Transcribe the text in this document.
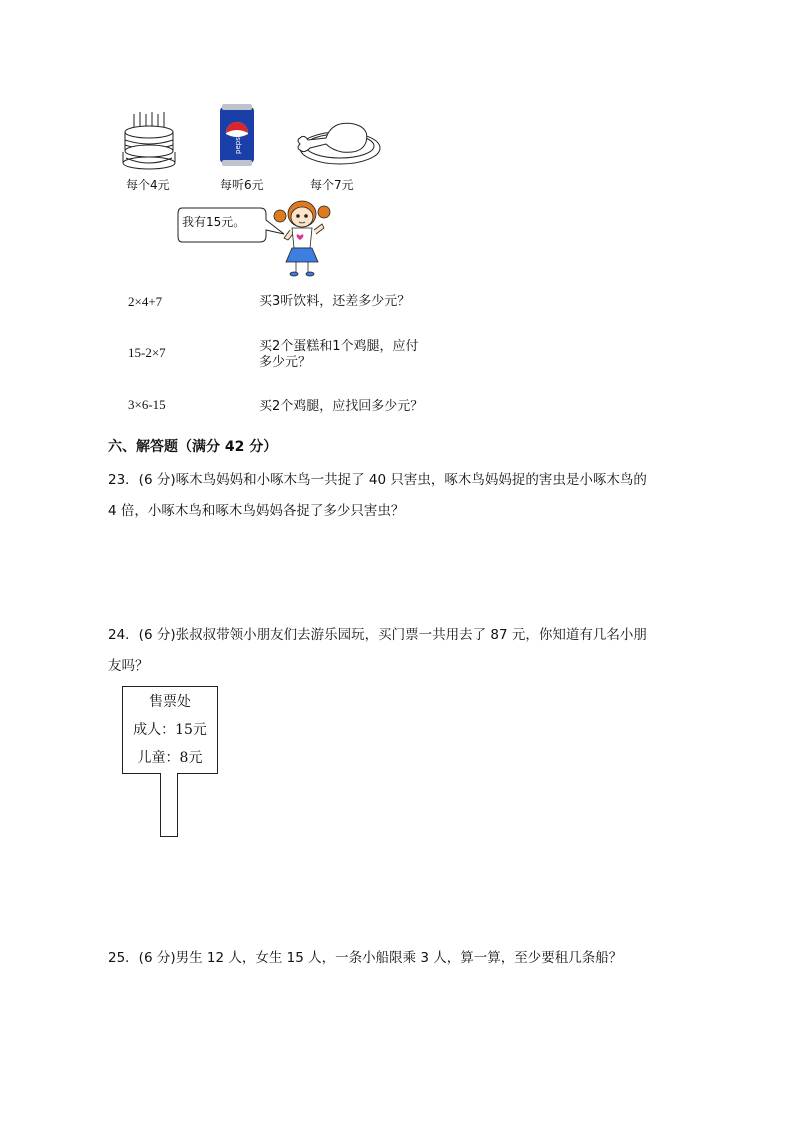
pepsi
每个4元	每听6元	每个7元
我有15元。
2×4+7
15-2×7
3×6-15
买3听饮料，还差多少元？
买2个蛋糕和1个鸡腿，应付多少元？
买2个鸡腿，应找回多少元？
六、解答题（满分 42 分）
23．(6 分)啄木鸟妈妈和小啄木鸟一共捉了 40 只害虫，啄木鸟妈妈捉的害虫是小啄木鸟的
4 倍，小啄木鸟和啄木鸟妈妈各捉了多少只害虫？
24．(6 分)张叔叔带领小朋友们去游乐园玩，买门票一共用去了 87 元，你知道有几名小朋
友吗？
售票处
成人：15元
儿童：8元
25．(6 分)男生 12 人，女生 15 人，一条小船限乘 3 人，算一算，至少要租几条船？
